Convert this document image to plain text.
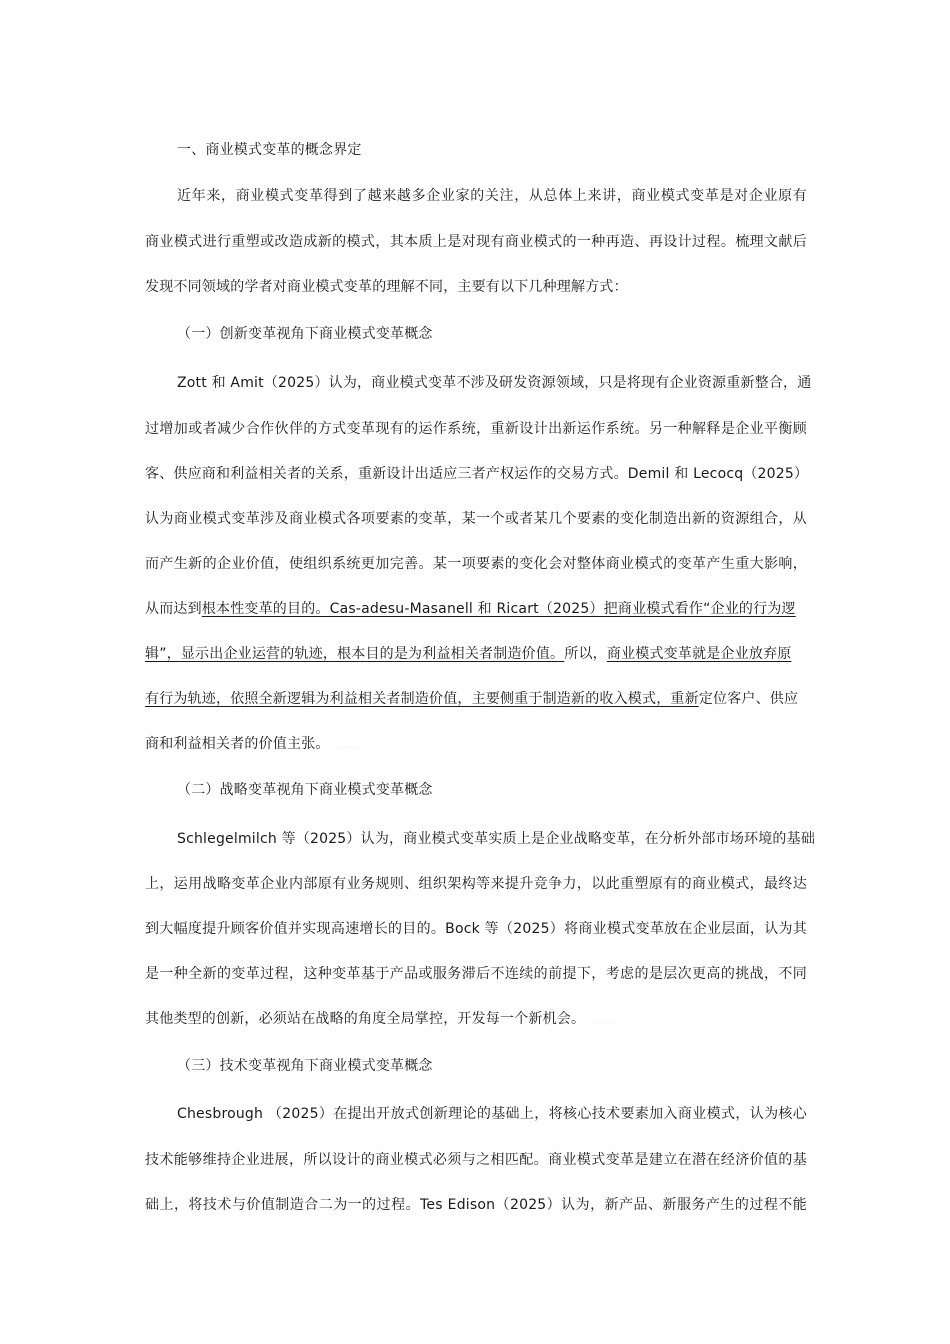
一、商业模式变革的概念界定
近年来，商业模式变革得到了越来越多企业家的关注，从总体上来讲，商业模式变革是对企业原有
商业模式进行重塑或改造成新的模式，其本质上是对现有商业模式的一种再造、再设计过程。梳理文献后
发现不同领域的学者对商业模式变革的理解不同，主要有以下几种理解方式：
（一）创新变革视角下商业模式变革概念
Zott 和 Amit（2025）认为，商业模式变革不涉及研发资源领域，只是将现有企业资源重新整合，通
过增加或者减少合作伙伴的方式变革现有的运作系统，重新设计出新运作系统。另一种解释是企业平衡顾
客、供应商和利益相关者的关系，重新设计出适应三者产权运作的交易方式。Demil 和 Lecocq（2025）
认为商业模式变革涉及商业模式各项要素的变革，某一个或者某几个要素的变化制造出新的资源组合，从
而产生新的企业价值，使组织系统更加完善。某一项要素的变化会对整体商业模式的变革产生重大影响，
从而达到根本性变革的目的。Cas-adesu-Masanell 和 Ricart（2025）把商业模式看作“企业的行为逻
辑”，显示出企业运营的轨迹，根本目的是为利益相关者制造价值。所以，商业模式变革就是企业放弃原
有行为轨迹，依照全新逻辑为利益相关者制造价值，主要侧重于制造新的收入模式，重新定位客户、供应
商和利益相关者的价值主张。 ……
（二）战略变革视角下商业模式变革概念
Schlegelmilch 等（2025）认为，商业模式变革实质上是企业战略变革，在分析外部市场环境的基础
上，运用战略变革企业内部原有业务规则、组织架构等来提升竞争力，以此重塑原有的商业模式，最终达
到大幅度提升顾客价值并实现高速增长的目的。Bock 等（2025）将商业模式变革放在企业层面，认为其
是一种全新的变革过程，这种变革基于产品或服务滞后不连续的前提下，考虑的是层次更高的挑战，不同
其他类型的创新，必须站在战略的角度全局掌控，开发每一个新机会。 ……
（三）技术变革视角下商业模式变革概念
Chesbrough （2025）在提出开放式创新理论的基础上，将核心技术要素加入商业模式，认为核心
技术能够维持企业进展，所以设计的商业模式必须与之相匹配。商业模式变革是建立在潜在经济价值的基
础上，将技术与价值制造合二为一的过程。Tes Edison（2025）认为，新产品、新服务产生的过程不能
